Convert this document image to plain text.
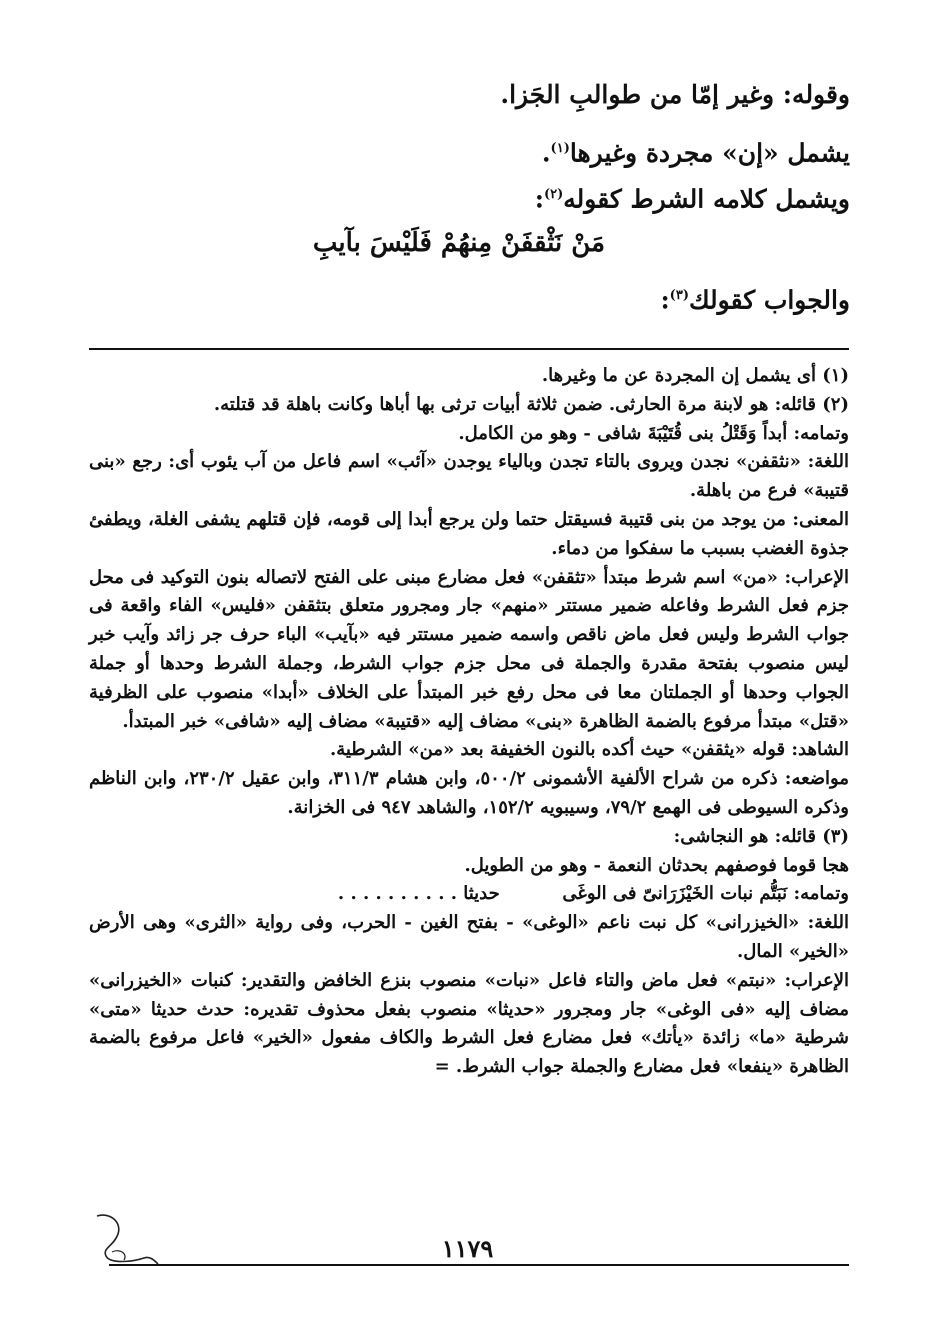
وقوله: وغير إمّا من طوالبِ الجَزا.
يشمل «إن» مجردة وغيرها$^{(١)}$.
ويشمل كلامه الشرط كقوله$^{(٢)}$:
مَنْ نَثْقفَنْ مِنهُمْ فَلَيْسَ بآيبِ
والجواب كقولك$^{(٣)}$:
(١) أى يشمل إن المجردة عن ما وغيرها.
(٢) قائله: هو لابنة مرة الحارثى. ضمن ثلاثة أبيات ترثى بها أباها وكانت باهلة قد قتلته.
وتمامه: أبداً وَقَتْلُ بنى قُتَيْبَةَ شافى - وهو من الكامل.
اللغة: «نثقفن» نجدن ويروى بالتاء تجدن وبالياء يوجدن «آئب» اسم فاعل من آب يئوب أى: رجع «بنى قتيبة» فرع من باهلة.
المعنى: من يوجد من بنى قتيبة فسيقتل حتما ولن يرجع أبدا إلى قومه، فإن قتلهم يشفى الغلة، ويطفئ جذوة الغضب بسبب ما سفكوا من دماء.
الإعراب: «من» اسم شرط مبتدأ «تثقفن» فعل مضارع مبنى على الفتح لاتصاله بنون التوكيد فى محل جزم فعل الشرط وفاعله ضمير مستتر «منهم» جار ومجرور متعلق بتثقفن «فليس» الفاء واقعة فى جواب الشرط وليس فعل ماض ناقص واسمه ضمير مستتر فيه «بآيب» الباء حرف جر زائد وآيب خبر ليس منصوب بفتحة مقدرة والجملة فى محل جزم جواب الشرط، وجملة الشرط وحدها أو جملة الجواب وحدها أو الجملتان معا فى محل رفع خبر المبتدأ على الخلاف «أبدا» منصوب على الظرفية «قتل» مبتدأ مرفوع بالضمة الظاهرة «بنى» مضاف إليه «قتيبة» مضاف إليه «شافى» خبر المبتدأ.
الشاهد: قوله «يثقفن» حيث أكده بالنون الخفيفة بعد «من» الشرطية.
مواضعه: ذكره من شراح الألفية الأشمونى ٥٠٠/٢، وابن هشام ٣١١/٣، وابن عقيل ٢٣٠/٢، وابن الناظم وذكره السيوطى فى الهمع ٧٩/٢، وسيبويه ١٥٢/٢، والشاهد ٩٤٧ فى الخزانة.
(٣) قائله: هو النجاشى:
هجا قوما فوصفهم بحدثان النعمة - وهو من الطويل.
وتمامه: نَبَتُّم نبات الخَيْزَرَانىّ فى الوغَى          حديثا . . . . . . . . . .
اللغة: «الخيزرانى» كل نبت ناعم «الوغى» - بفتح الغين - الحرب، وفى رواية «الثرى» وهى الأرض «الخير» المال.
الإعراب: «نبتم» فعل ماض والتاء فاعل «نبات» منصوب بنزع الخافض والتقدير: كنبات «الخيزرانى» مضاف إليه «فى الوغى» جار ومجرور «حديثا» منصوب بفعل محذوف تقديره: حدث حديثا «متى» شرطية «ما» زائدة «يأتك» فعل مضارع فعل الشرط والكاف مفعول «الخير» فاعل مرفوع بالضمة الظاهرة «ينفعا» فعل مضارع والجملة جواب الشرط. =
١١٧٩
